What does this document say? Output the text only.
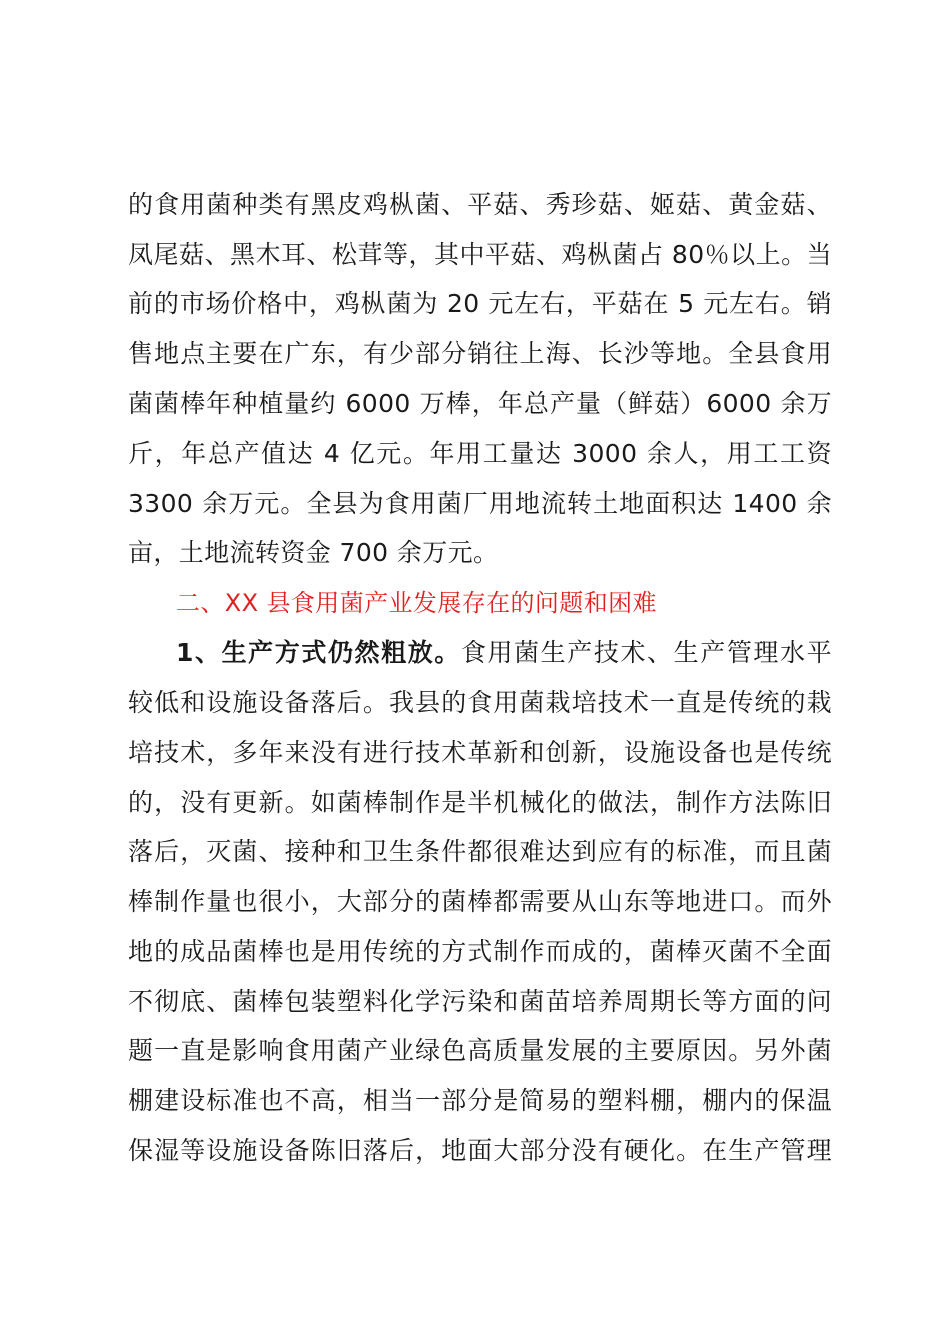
的食用菌种类有黑皮鸡枞菌、平菇、秀珍菇、姬菇、黄金菇、
凤尾菇、黑木耳、松茸等，其中平菇、鸡枞菌占 80％以上。当
前的市场价格中，鸡枞菌为 20 元左右，平菇在 5 元左右。销
售地点主要在广东，有少部分销往上海、长沙等地。全县食用
菌菌棒年种植量约 6000 万棒，年总产量（鲜菇）6000 余万
斤，年总产值达 4 亿元。年用工量达 3000 余人，用工工资
3300 余万元。全县为食用菌厂用地流转土地面积达 1400 余
亩，土地流转资金 700 余万元。
二、XX 县食用菌产业发展存在的问题和困难
1、生产方式仍然粗放。食用菌生产技术、生产管理水平
较低和设施设备落后。我县的食用菌栽培技术一直是传统的栽
培技术，多年来没有进行技术革新和创新，设施设备也是传统
的，没有更新。如菌棒制作是半机械化的做法，制作方法陈旧
落后，灭菌、接种和卫生条件都很难达到应有的标准，而且菌
棒制作量也很小，大部分的菌棒都需要从山东等地进口。而外
地的成品菌棒也是用传统的方式制作而成的，菌棒灭菌不全面
不彻底、菌棒包装塑料化学污染和菌苗培养周期长等方面的问
题一直是影响食用菌产业绿色高质量发展的主要原因。另外菌
棚建设标准也不高，相当一部分是简易的塑料棚，棚内的保温
保湿等设施设备陈旧落后，地面大部分没有硬化。在生产管理
